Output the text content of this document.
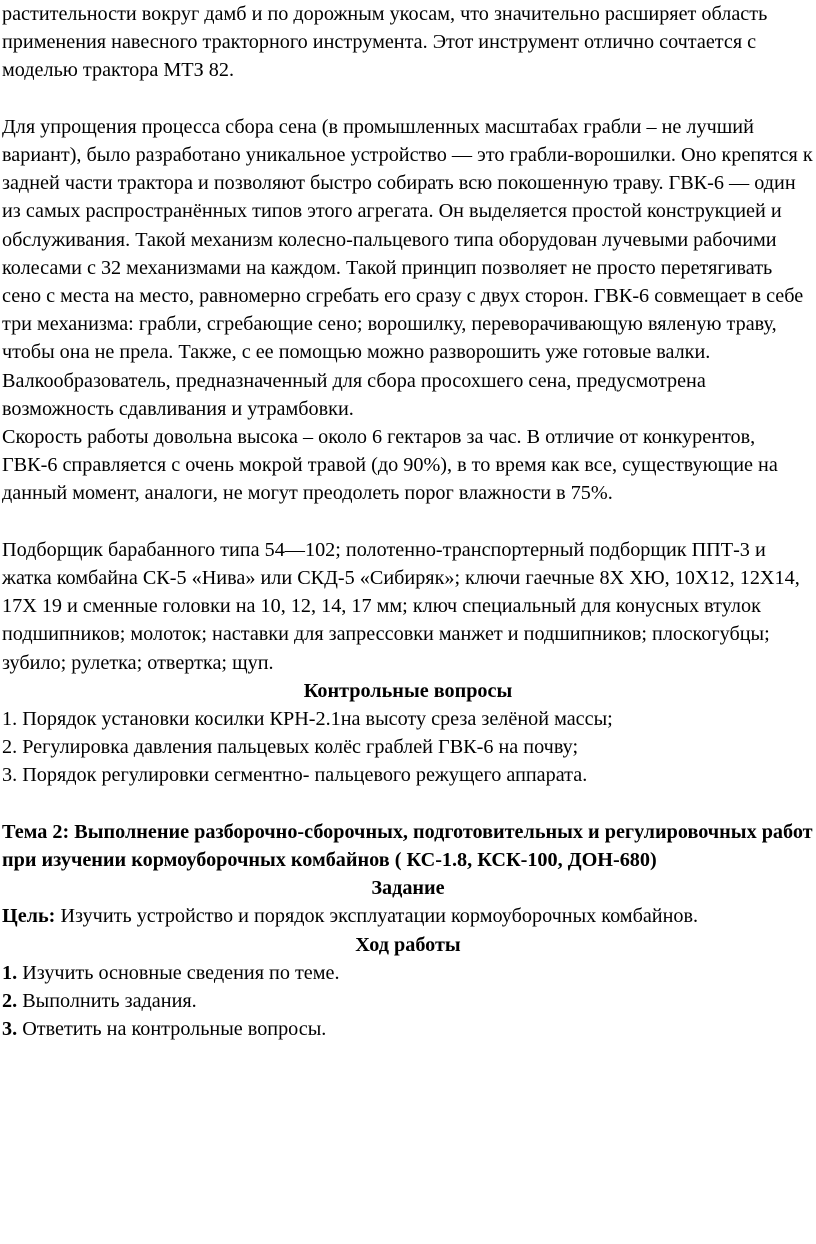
растительности вокруг дамб и по дорожным укосам, что значительно расширяет область применения навесного тракторного инструмента. Этот инструмент отлично сочтается с моделью трактора МТЗ 82.

Для упрощения процесса сбора сена (в промышленных масштабах грабли – не лучший вариант), было разработано уникальное устройство — это грабли-ворошилки. Оно крепятся к задней части трактора и позволяют быстро собирать всю покошенную траву. ГВК-6 — один из самых распространённых типов этого агрегата. Он выделяется простой конструкцией и обслуживания. Такой механизм колесно-пальцевого типа оборудован лучевыми рабочими колесами с 32 механизмами на каждом. Такой принцип позволяет не просто перетягивать сено с места на место, равномерно сгребать его сразу с двух сторон. ГВК-6 совмещает в себе три механизма: грабли, сгребающие сено; ворошилку, переворачивающую вяленую траву, чтобы она не прела. Также, с ее помощью можно разворошить уже готовые валки. Валкообразователь, предназначенный для сбора просохшего сена, предусмотрена возможность сдавливания и утрамбовки.

Скорость работы довольна высока – около 6 гектаров за час. В отличие от конкурентов, ГВК-6 справляется с очень мокрой травой (до 90%), в то время как все, существующие на данный момент, аналоги, не могут преодолеть порог влажности в 75%.

Подборщик барабанного типа 54—102; полотенно-транспортерный подборщик ППТ-3 и жатка комбайна СК-5 «Нива» или СКД-5 «Сибиряк»; ключи гаечные 8X ХЮ, 10X12, 12X14, 17X 19 и сменные головки на 10, 12, 14, 17 мм; ключ специальный для конусных втулок подшипников; молоток; наставки для запрессовки манжет и подшипников; плоскогубцы; зубило; рулетка; отвертка; щуп.

Контрольные вопросы

1. Порядок установки косилки КРН-2.1на высоту среза зелёной массы;

2. Регулировка давления пальцевых колёс граблей ГВК-6 на почву;

3. Порядок регулировки сегментно- пальцевого режущего аппарата.

Тема 2: Выполнение разборочно-сборочных, подготовительных и регулировочных работ при изучении кормоуборочных комбайнов ( КС-1.8, КСК-100, ДОН-680)

Задание

Цель: Изучить устройство и порядок эксплуатации кормоуборочных комбайнов.

Ход работы

1. Изучить основные сведения по теме.

2. Выполнить задания.

3. Ответить на контрольные вопросы.
